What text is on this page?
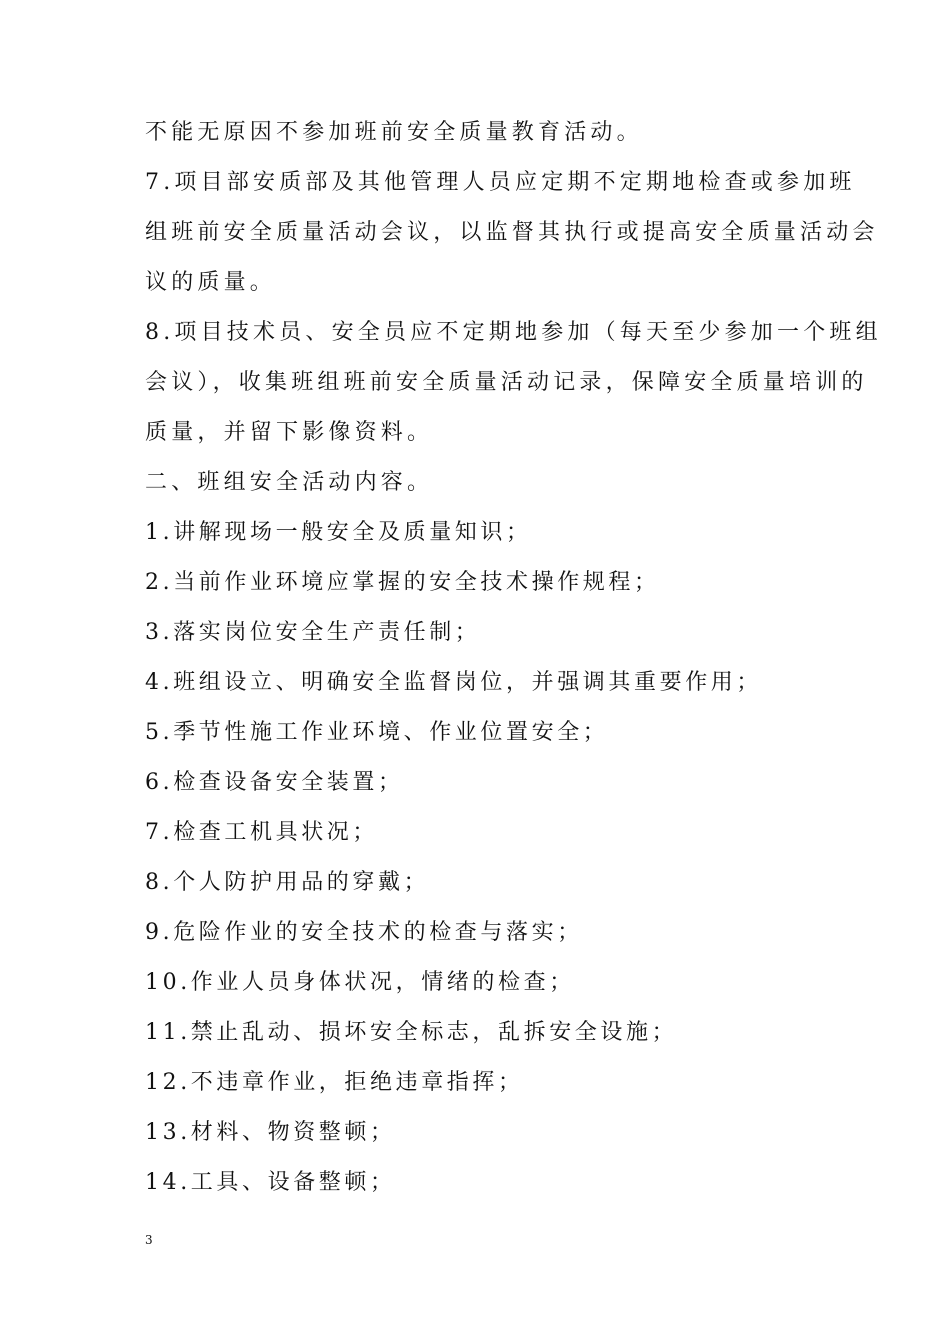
不能无原因不参加班前安全质量教育活动。
7.项目部安质部及其他管理人员应定期不定期地检查或参加班
组班前安全质量活动会议，以监督其执行或提高安全质量活动会
议的质量。
8.项目技术员、安全员应不定期地参加（每天至少参加一个班组
会议），收集班组班前安全质量活动记录，保障安全质量培训的
质量，并留下影像资料。
二、班组安全活动内容。
1.讲解现场一般安全及质量知识；
2.当前作业环境应掌握的安全技术操作规程；
3.落实岗位安全生产责任制；
4.班组设立、明确安全监督岗位，并强调其重要作用；
5.季节性施工作业环境、作业位置安全；
6.检查设备安全装置；
7.检查工机具状况；
8.个人防护用品的穿戴；
9.危险作业的安全技术的检查与落实；
10.作业人员身体状况，情绪的检查；
11.禁止乱动、损坏安全标志，乱拆安全设施；
12.不违章作业，拒绝违章指挥；
13.材料、物资整顿；
14.工具、设备整顿；
3
